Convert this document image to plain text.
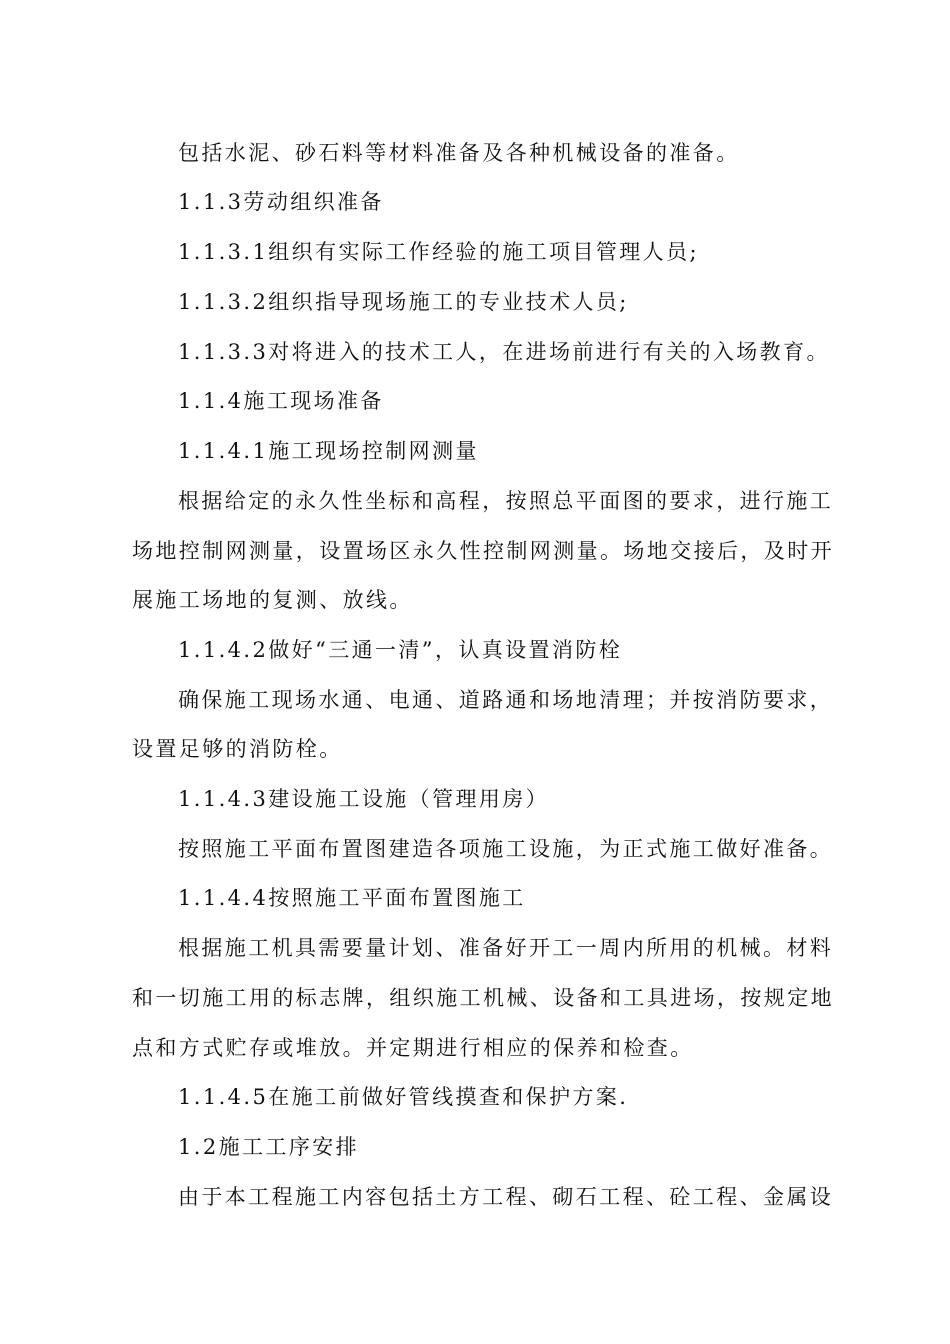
包括水泥、砂石料等材料准备及各种机械设备的准备。
1.1.3劳动组织准备
1.1.3.1组织有实际工作经验的施工项目管理人员;
1.1.3.2组织指导现场施工的专业技术人员;
1.1.3.3对将进入的技术工人，在进场前进行有关的入场教育。
1.1.4施工现场准备
1.1.4.1施工现场控制网测量
根据给定的永久性坐标和高程，按照总平面图的要求，进行施工
场地控制网测量，设置场区永久性控制网测量。场地交接后，及时开
展施工场地的复测、放线。
1.1.4.2做好“三通一清”，认真设置消防栓
确保施工现场水通、电通、道路通和场地清理；并按消防要求，
设置足够的消防栓。
1.1.4.3建设施工设施（管理用房）
按照施工平面布置图建造各项施工设施，为正式施工做好准备。
1.1.4.4按照施工平面布置图施工
根据施工机具需要量计划、准备好开工一周内所用的机械。材料
和一切施工用的标志牌，组织施工机械、设备和工具进场，按规定地
点和方式贮存或堆放。并定期进行相应的保养和检查。
1.1.4.5在施工前做好管线摸查和保护方案.
1.2施工工序安排
由于本工程施工内容包括土方工程、砌石工程、砼工程、金属设
